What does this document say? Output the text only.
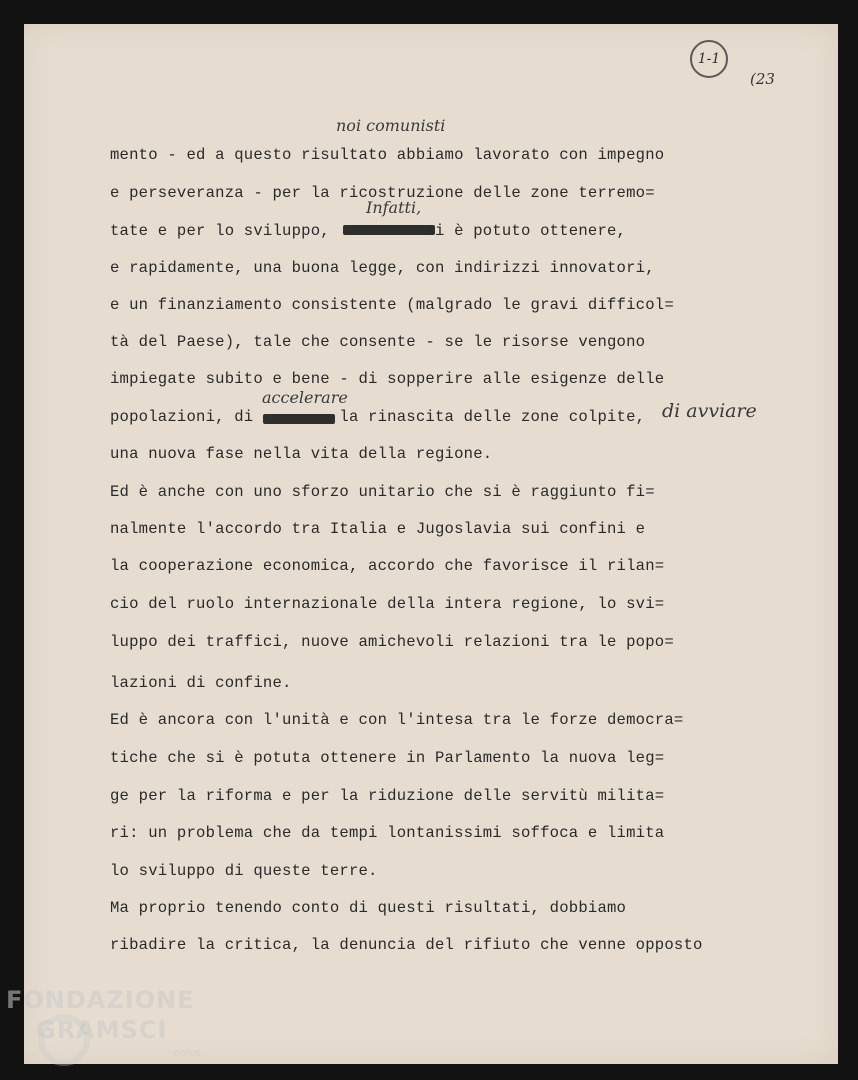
1-1
(23
noi comunisti
Infatti,
accelerare
di avviare
mento - ed a questo risultato abbiamo lavorato con impegno
e perseveranza - per la ricostruzione delle zone terremo=
tate e per lo sviluppo,          si è potuto ottenere,
e rapidamente, una buona legge, con indirizzi innovatori,
e un finanziamento consistente (malgrado le gravi difficol=
tà del Paese), tale che consente - se le risorse vengono
impiegate subito e bene - di sopperire alle esigenze delle
popolazioni, di         la rinascita delle zone colpite,
una nuova fase nella vita della regione.
Ed è anche con uno sforzo unitario che si è raggiunto fi=
nalmente l'accordo tra Italia e Jugoslavia sui confini e
la cooperazione economica, accordo che favorisce il rilan=
cio del ruolo internazionale della intera regione, lo svi=
luppo dei traffici, nuove amichevoli relazioni tra le popo=
lazioni di confine.
Ed è ancora con l'unità e con l'intesa tra le forze democra=
tiche che si è potuta ottenere in Parlamento la nuova leg=
ge per la riforma e per la riduzione delle servitù milita=
ri: un problema che da tempi lontanissimi soffoca e limita
lo sviluppo di queste terre.
Ma proprio tenendo conto di questi risultati, dobbiamo
ribadire la critica, la denuncia del rifiuto che venne opposto
FONDAZIONE
GRAMSCI
onlus
